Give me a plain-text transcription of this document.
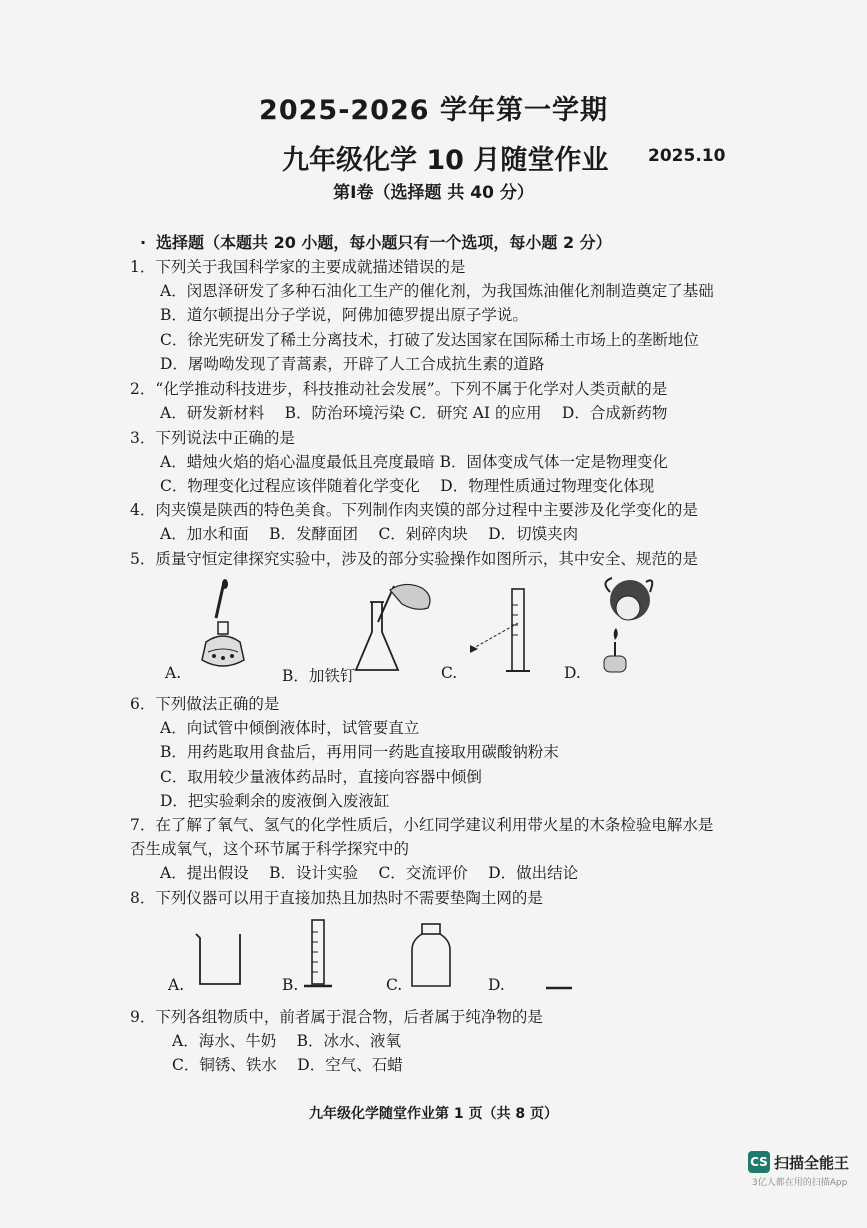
2025-2026 学年第一学期
九年级化学 10 月随堂作业 2025.10
第Ⅰ卷（选择题 共 40 分）
· 选择题（本题共 20 小题，每小题只有一个选项，每小题 2 分）
1．下列关于我国科学家的主要成就描述错误的是
A．闵恩泽研发了多种石油化工生产的催化剂，为我国炼油催化剂制造奠定了基础
B．道尔顿提出分子学说，阿佛加德罗提出原子学说。
C．徐光宪研发了稀土分离技术，打破了发达国家在国际稀土市场上的垄断地位
D．屠呦呦发现了青蒿素，开辟了人工合成抗生素的道路
2．“化学推动科技进步，科技推动社会发展”。下列不属于化学对人类贡献的是
A．研发新材料　 B．防治环境污染 C．研究 AI 的应用　 D．合成新药物
3．下列说法中正确的是
A．蜡烛火焰的焰心温度最低且亮度最暗 B．固体变成气体一定是物理变化
C．物理变化过程应该伴随着化学变化　 D．物理性质通过物理变化体现
4．肉夹馍是陕西的特色美食。下列制作肉夹馍的部分过程中主要涉及化学变化的是
A．加水和面　 B．发酵面团　 C．剁碎肉块　 D．切馍夹肉
5．质量守恒定律探究实验中，涉及的部分实验操作如图所示，其中安全、规范的是
A.	B．加铁钉	C.	D.
6．下列做法正确的是
A．向试管中倾倒液体时，试管要直立
B．用药匙取用食盐后，再用同一药匙直接取用碳酸钠粉末
C．取用较少量液体药品时，直接向容器中倾倒
D．把实验剩余的废液倒入废液缸
7．在了解了氧气、氢气的化学性质后，小红同学建议利用带火星的木条检验电解水是
否生成氧气，这个环节属于科学探究中的
A．提出假设　 B．设计实验　 C．交流评价　 D．做出结论
8．下列仪器可以用于直接加热且加热时不需要垫陶土网的是
A.	B.	C.	D.
9．下列各组物质中，前者属于混合物，后者属于纯净物的是
A．海水、牛奶　 B．冰水、液氧
C．铜锈、铁水　 D．空气、石蜡
九年级化学随堂作业第 1 页（共 8 页）
CS 扫描全能王
3亿人都在用的扫描App
